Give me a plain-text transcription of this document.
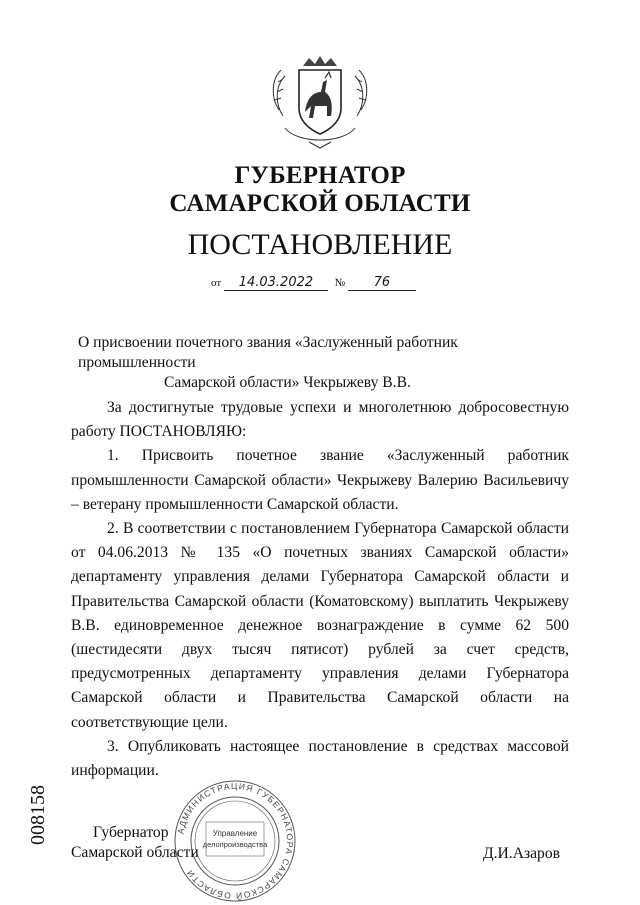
ГУБЕРНАТОР
САМАРСКОЙ ОБЛАСТИ
ПОСТАНОВЛЕНИЕ
от 14.03.2022 № 76
О присвоении почетного звания «Заслуженный работник промышленности
Самарской области» Чекрыжеву В.В.

За достигнутые трудовые успехи и многолетнюю добросовестную работу ПОСТАНОВЛЯЮ:

1. Присвоить почетное звание «Заслуженный работник промышленности Самарской области» Чекрыжеву Валерию Васильевичу – ветерану промышленности Самарской области.

2. В соответствии с постановлением Губернатора Самарской области от 04.06.2013 № 135 «О почетных званиях Самарской области» департаменту управления делами Губернатора Самарской области и Правительства Самарской области (Коматовскому) выплатить Чекрыжеву В.В. единовременное денежное вознаграждение в сумме 62 500 (шестидесяти двух тысяч пятисот) рублей за счет средств, предусмотренных департаменту управления делами Губернатора Самарской области и Правительства Самарской области на соответствующие цели.

3. Опубликовать настоящее постановление в средствах массовой информации.

АДМИНИСТРАЦИЯ ГУБЕРНАТОРА САМАРСКОЙ ОБЛАСТИ
Управление
делопроизводства
Губернатор
Самарской области	Д.И.Азаров
008158
